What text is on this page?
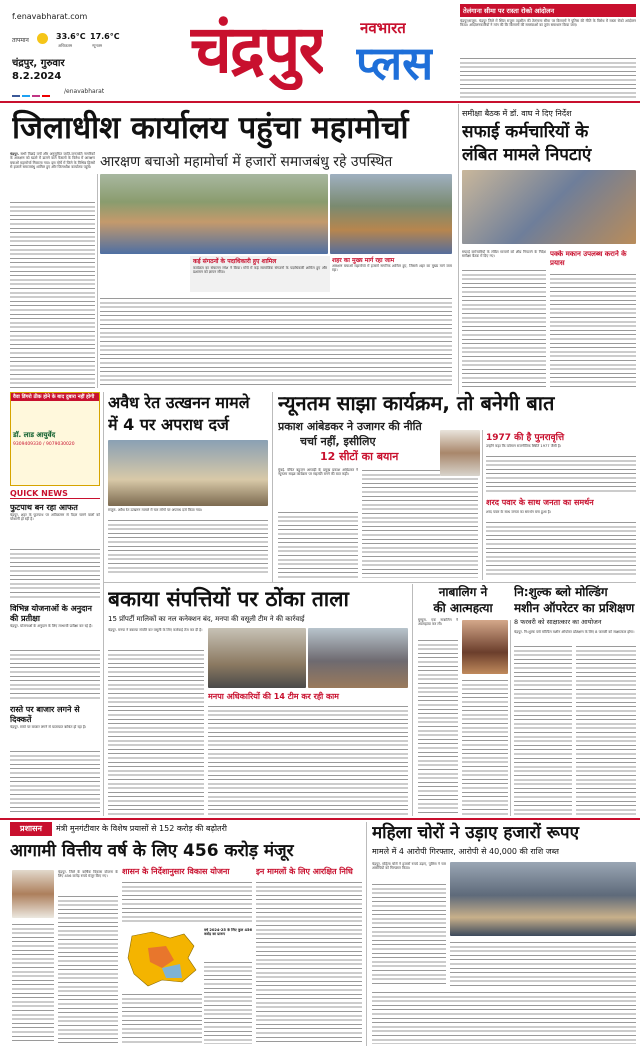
f.enavabharat.com
तापमान	33.6°C
अधिकतम
17.6°C
न्यूनतम
चंद्रपुर, गुरुवार
8.2.2024
/enavabharat
चंद्रपुर नवभारत
प्लस
तेलंगाना सीमा पर रास्ता रोको आंदोलन
चंद्रपुर/राजुरा. चंद्रपुर जिले में स्थित राजुरा तहसील की तेलंगाना सीमा पर किसानों ने पुलिस की नीति के विरोध में रास्ता रोको आंदोलन किया। आंदोलनकारियों ने मांग की कि किसानों की समस्याओं का तुरंत समाधान किया जाए।
जिलाधीश कार्यालय पहुंचा महामोर्चा
आरक्षण बचाओ महामोर्चा में हजारों समाजबंधु रहे उपस्थित
चंद्रपुर. सभी पिछड़े वर्गों और अनुसूचित जाति-जनजाति नागरिकों के आरक्षण को खतरे में डालने वाले फैसलों के विरोध में आरक्षण बचाओ महामोर्चा निकाला गया। इस मोर्चे में जिले के विभिन्न हिस्सों से हजारों समाजबंधु शामिल हुए और जिलाधीश कार्यालय पहुंचे।
कई संगठनों के पदाधिकारी हुए शामिल
कार्यक्रम का संचालन रमेश ने किया। मोर्चे में कई सामाजिक संगठनों के पदाधिकारी शामिल हुए और प्रशासन को ज्ञापन सौंपा।
शहर का मुख्य मार्ग रहा जाम
आरक्षण बचाओ महामोर्चा में हजारों नागरिक शामिल हुए, जिससे शहर का मुख्य मार्ग जाम रहा।
समीक्षा बैठक में डॉ. वाघ ने दिए निर्देश
सफाई कर्मचारियों के
लंबित मामले निपटाएं
पक्के मकान उपलब्ध कराने के प्रयास
सफाई कर्मचारियों के लंबित मामलों को शीघ्र निपटाने के निर्देश समीक्षा बैठक में दिए गए।
वैवा डिंगरो ठीक होने के बाद दुबारा नहीं होगी
डॉ. लाड आयुर्वेद
9309409330 / 9079030020
QUICK NEWS
फुटपाथ बन रहा आफत
चंद्रपुर. शहर के फुटपाथ पर अतिक्रमण से पैदल चलने वालों को परेशानी हो रही है।
विभिन्न योजनाओं के अनुदान की प्रतीक्षा
चंद्रपुर. योजनाओं के अनुदान के लिए लाभार्थी प्रतीक्षा कर रहे हैं।
रास्ते पर बाजार लगने से दिक्कतें
चंद्रपुर. रास्ते पर बाजार लगने से यातायात बाधित हो रहा है।
अवैध रेत उत्खनन मामले
में 4 पर अपराध दर्ज
राजुरा. अवैध रेत उत्खनन मामले में चार लोगों पर अपराध दर्ज किया गया।
न्यूनतम साझा कार्यक्रम, तो बनेगी बात
प्रकाश आंबेडकर ने उजागर की नीति
चर्चा नहीं, इसीलिए
12 सीटों का बयान
मुंबई. वंचित बहुजन आघाड़ी के प्रमुख प्रकाश आंबेडकर ने न्यूनतम साझा कार्यक्रम पर सहमति बनने की बात कही।
1977 की है पुनरावृत्ति
उन्होंने कहा कि वर्तमान राजनीतिक स्थिति 1977 जैसी है।
शरद पवार के साथ जनता का समर्थन
शरद पवार के साथ जनता का समर्थन बना हुआ है।
बकाया संपत्तियों पर ठोंका ताला
15 प्रॉपर्टी मालिकों का नल कनेक्शन बंद, मनपा की वसूली टीम ने की कार्रवाई
चंद्रपुर. मनपा ने बकाया संपत्ति कर वसूली के लिए कार्रवाई तेज कर दी है।
मनपा अधिकारियों की 14 टीम कर रही काम
नाबालिग ने
की आत्महत्या
घुग्घुस. एक नाबालिग ने आत्महत्या कर ली।
नि:शुल्क ब्लो मोल्डिंग
मशीन ऑपरेटर का प्रशिक्षण
8 फरवरी को साक्षात्कार का आयोजन
चंद्रपुर. नि:शुल्क ब्लो मोल्डिंग मशीन ऑपरेटर प्रशिक्षण के लिए 8 फरवरी को साक्षात्कार होगा।
प्रशासन	मंत्री मुनगंटीवार के विशेष प्रयासों से 152 करोड़ की बढ़ोतरी
आगामी वित्तीय वर्ष के लिए 456 करोड़ मंजूर
चंद्रपुर. जिले के वार्षिक विकास योजना के लिए 456 करोड़ रुपये मंजूर किए गए।
शासन के निर्देशानुसार विकास योजना
वर्ष 2024-25 के लिए कुल 456 करोड़ का प्रारूप
इन मामलों के लिए आरक्षित निधि
महिला चोरों ने उड़ाए हजारों रूपए
मामले में 4 आरोपी गिरफ्तार, आरोपी से 40,000 की राशि जब्त
चंद्रपुर. महिला चोरों ने हजारों रुपये उड़ाए, पुलिस ने चार आरोपियों को गिरफ्तार किया।
